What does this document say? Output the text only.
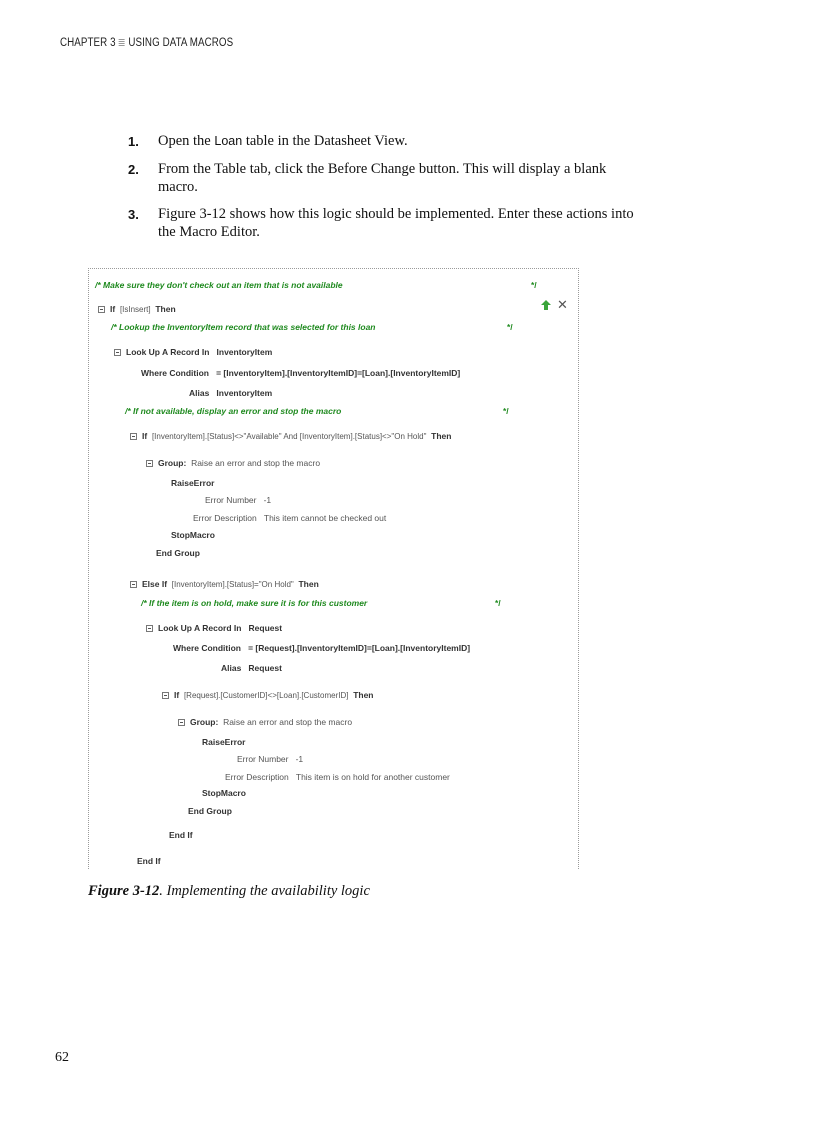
CHAPTER 3 USING DATA MACROS
1.	Open the Loan table in the Datasheet View.
2.	From the Table tab, click the Before Change button. This will display a blank macro.
3.	Figure 3-12 shows how this logic should be implemented. Enter these actions into the Macro Editor.
/* Make sure they don't check out an item that is not available	*/
If [IsInsert] Then	✕
/* Lookup the InventoryItem record that was selected for this loan	*/
Look Up A Record In InventoryItem
Where Condition = [InventoryItem].[InventoryItemID]=[Loan].[InventoryItemID]
Alias InventoryItem
/* If not available, display an error and stop the macro	*/
If [InventoryItem].[Status]<>"Available" And [InventoryItem].[Status]<>"On Hold" Then
Group: Raise an error and stop the macro
RaiseError
Error Number -1
Error Description This item cannot be checked out
StopMacro
End Group
Else If [InventoryItem].[Status]="On Hold" Then
/* If the item is on hold, make sure it is for this customer	*/
Look Up A Record In Request
Where Condition = [Request].[InventoryItemID]=[Loan].[InventoryItemID]
Alias Request
If [Request].[CustomerID]<>[Loan].[CustomerID] Then
Group: Raise an error and stop the macro
RaiseError
Error Number -1
Error Description This item is on hold for another customer
StopMacro
End Group
End If
End If
Figure 3-12. Implementing the availability logic
62
